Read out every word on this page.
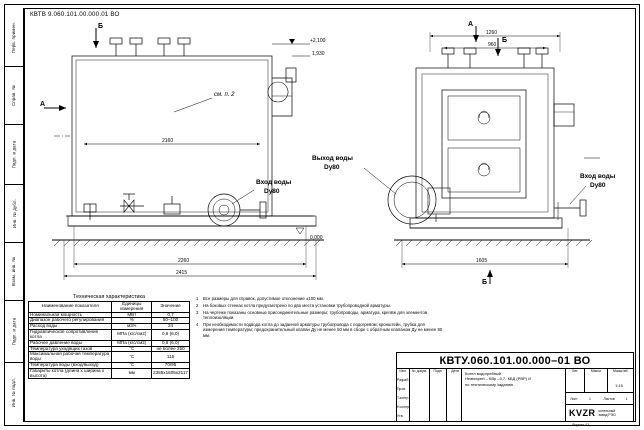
Перв. примен.
Справ. №
Подп. и дата
Инв. № дубл.
Взам. инв. №
Подп. и дата
Инв. № подл.
КВТВ 9.060.101.00.000.01 ВО
Б
А
А
Б
Б
+2,100
1,930
0,000
см. п. 2
Вход воды
Dy80
Выход воды
Dy80
Вход воды
Dy80
2160
2260
2415
1260
960
1605
Техническая характеристика
Наименование показателя	Единицы измерения	Значение
Номинальная мощность	МВт	0,7
Диапазон рабочего регулирования	%	50–100
Расход воды	м3/ч	24
Гидравлическое сопротивление котла	МПа (кгс/см2)	0,6 (6,0)
Рабочее давление воды	МПа (кгс/см2)	0,6 (6,0)
Температура уходящих газов	°С	не более 250
Максимальная рабочая температура воды	°С	115
Температура воды (вход/выход)	°С	70/95
Габариты котла (длина х ширина х высота)	мм	2385х1605х2117
1	Все размеры для справок, допустимое отклонение ±100 мм.
2	На боковых стенках котла предусмотрено по два места установки трубопроводной арматуры.
3	На чертеже показаны основные присоединительные размеры; трубопроводы, арматура, крепёж для элементов теплоизоляции.
4	При необходимости подвода котла до заданной арматуры трубопровода с подогревом; кронштейн, трубка для измерения температуры; предохранительный клапан Ду не менее 50 мм в сборе с обратным клапаном Ду не менее 80 мм.
КВТУ.060.101.00.000–01 ВО
Изм.	№ докум.	Подп.	Дата
Разраб.
Пров.
Т.контр.
Н.контр.
Утв.
Котел водогрейный
Heatexpert – КВр –0,7- КБД (РВР) И
по техническому заданию
Лит.	Масса	Масштаб
1:15
Лист	1	Листов	1
KVZR котельный
завод РЭО
Формат А3
